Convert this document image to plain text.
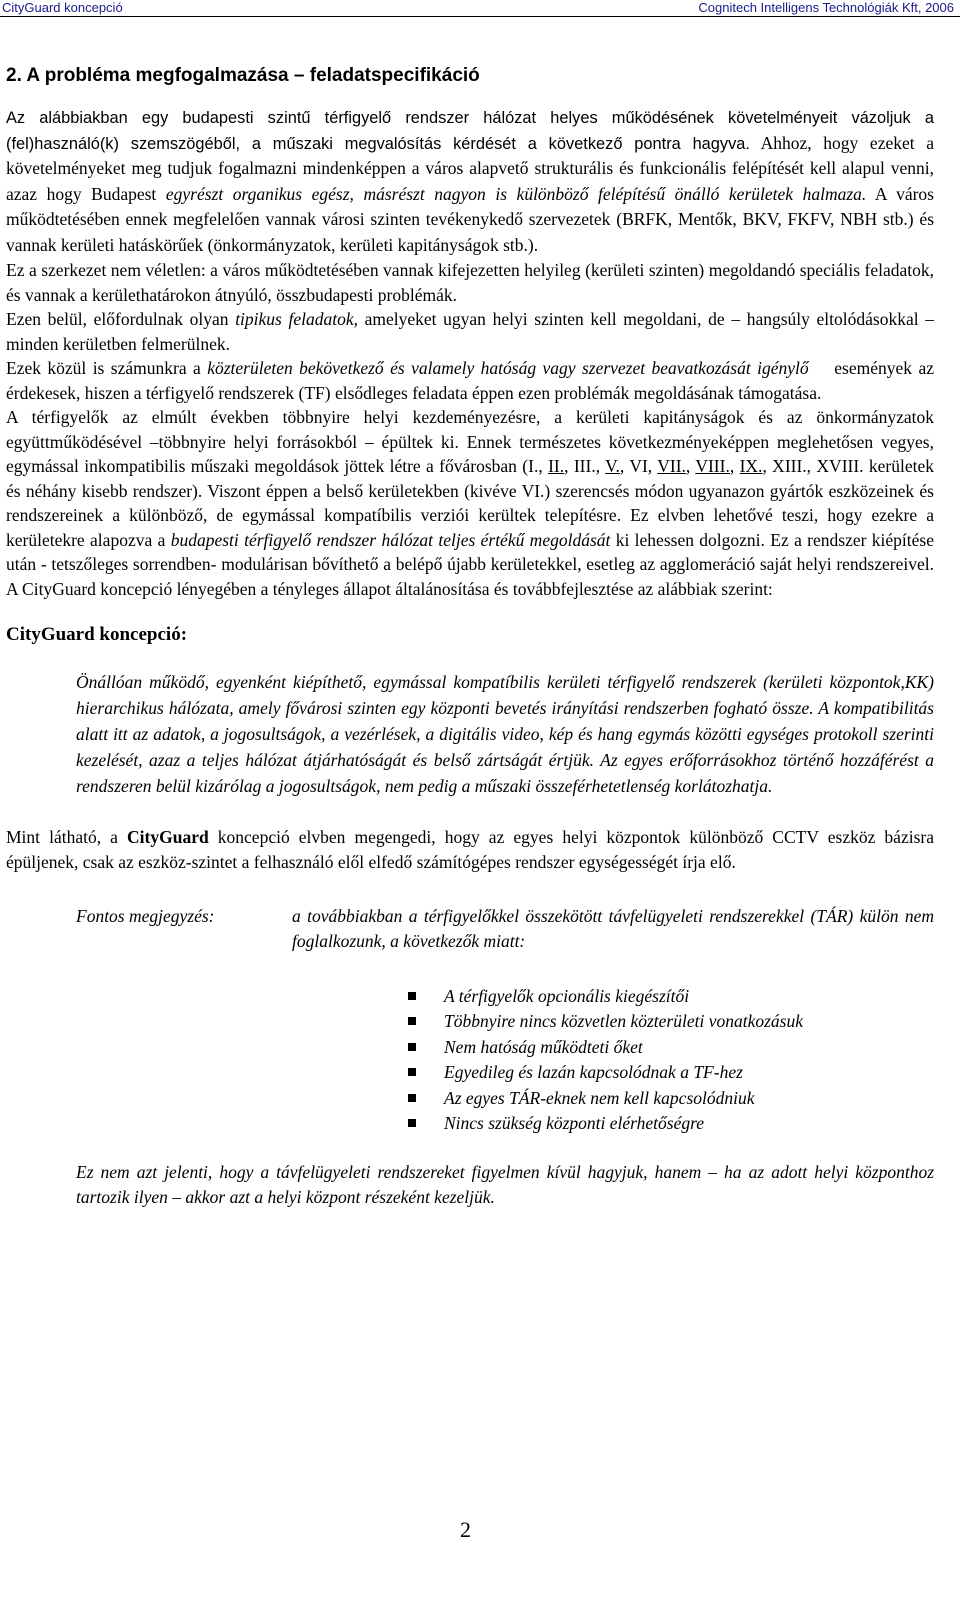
CityGuard koncepció	Cognitech Intelligens Technológiák Kft, 2006
2. A probléma megfogalmazása – feladatspecifikáció
Az alábbiakban egy budapesti szintű térfigyelő rendszer hálózat helyes működésének követelményeit vázoljuk a (fel)használó(k) szemszögéből, a műszaki megvalósítás kérdését a következő pontra hagyva. Ahhoz, hogy ezeket a követelményeket meg tudjuk fogalmazni mindenképpen a város alapvető strukturális és funkcionális felépítését kell alapul venni, azaz hogy Budapest egyrészt organikus egész, másrészt nagyon is különböző felépítésű önálló kerületek halmaza. A város működtetésében ennek megfelelően vannak városi szinten tevékenykedő szervezetek (BRFK, Mentők, BKV, FKFV, NBH stb.) és vannak kerületi hatáskörűek (önkormányzatok, kerületi kapitányságok stb.).

Ez a szerkezet nem véletlen: a város működtetésében vannak kifejezetten helyileg (kerületi szinten) megoldandó speciális feladatok, és vannak a kerülethatárokon átnyúló, összbudapesti problémák.

Ezen belül, előfordulnak olyan tipikus feladatok, amelyeket ugyan helyi szinten kell megoldani, de – hangsúly eltolódásokkal – minden kerületben felmerülnek.

Ezek közül is számunkra a közterületen bekövetkező és valamely hatóság vagy szervezet beavatkozását igénylő    események az érdekesek, hiszen a térfigyelő rendszerek (TF) elsődleges feladata éppen ezen problémák megoldásának támogatása.

A térfigyelők az elmúlt években többnyire helyi kezdeményezésre, a kerületi kapitányságok és az önkormányzatok együttműködésével –többnyire helyi forrásokból – épültek ki. Ennek természetes következményeképpen meglehetősen vegyes, egymással inkompatibilis műszaki megoldások jöttek létre a fővárosban (I., II., III., V., VI, VII., VIII., IX., XIII., XVIII. kerületek és néhány kisebb rendszer). Viszont éppen a belső kerületekben (kivéve VI.) szerencsés módon ugyanazon gyártók eszközeinek és rendszereinek a különböző, de egymással kompatíbilis verziói kerültek telepítésre. Ez elvben lehetővé teszi, hogy ezekre a kerületekre alapozva a budapesti térfigyelő rendszer hálózat teljes értékű megoldását ki lehessen dolgozni. Ez a rendszer kiépítése után - tetszőleges sorrendben- modulárisan bővíthető a belépő újabb kerületekkel, esetleg az agglomeráció saját helyi rendszereivel. A CityGuard koncepció lényegében a tényleges állapot általánosítása és továbbfejlesztése az alábbiak szerint:

CityGuard koncepció:
Önállóan működő, egyenként kiépíthető, egymással kompatíbilis kerületi térfigyelő rendszerek (kerületi központok,KK) hierarchikus hálózata, amely fővárosi szinten egy központi bevetés irányítási rendszerben fogható össze. A kompatibilitás alatt itt az adatok, a jogosultságok, a vezérlések, a digitális video, kép és hang egymás közötti egységes protokoll szerinti kezelését, azaz a teljes hálózat átjárhatóságát és belső zártságát értjük. Az egyes erőforrásokhoz történő hozzáférést a rendszeren belül kizárólag a jogosultságok, nem pedig a műszaki összeférhetetlenség korlátozhatja.
Mint látható, a CityGuard koncepció elvben megengedi, hogy az egyes helyi központok különböző CCTV eszköz bázisra épüljenek, csak az eszköz-szintet a felhasználó elől elfedő számítógépes rendszer egységességét írja elő.
Fontos megjegyzés:	a továbbiakban a térfigyelőkkel összekötött távfelügyeleti rendszerekkel (TÁR) külön nem foglalkozunk, a következők miatt:
A térfigyelők opcionális kiegészítői
Többnyire nincs közvetlen közterületi vonatkozásuk
Nem hatóság működteti őket
Egyedileg és lazán kapcsolódnak a TF-hez
Az egyes TÁR-eknek nem kell kapcsolódniuk
Nincs szükség központi elérhetőségre
Ez nem azt jelenti, hogy a távfelügyeleti rendszereket figyelmen kívül hagyjuk, hanem – ha az adott helyi központhoz tartozik ilyen – akkor azt a helyi központ részeként kezeljük.
2
